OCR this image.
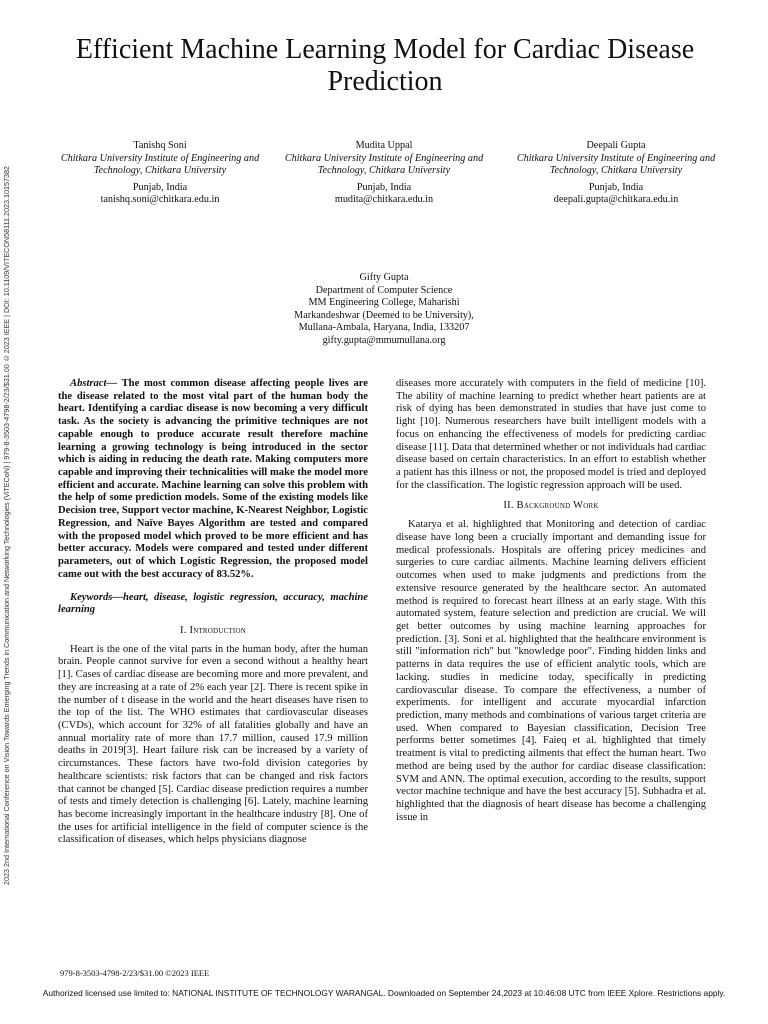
2023 2nd International Conference on Vision Towards Emerging Trends in Communication and Networking Technologies (ViTECoN) | 979-8-3503-4798-2/23/$31.00 ©2023 IEEE | DOI: 10.1109/VITECON58111.2023.10157382
Efficient Machine Learning Model for Cardiac Disease Prediction
Tanishq Soni
Chitkara University Institute of Engineering and Technology, Chitkara University
Punjab, India
tanishq.soni@chitkara.edu.in
Mudita Uppal
Chitkara University Institute of Engineering and Technology, Chitkara University
Punjab, India
mudita@chitkara.edu.in
Deepali Gupta
Chitkara University Institute of Engineering and Technology, Chitkara University
Punjab, India
deepali.gupta@chitkara.edu.in
Gifty Gupta
Department of Computer Science
MM Engineering College, Maharishi Markandeshwar (Deemed to be University), Mullana-Ambala, Haryana, India, 133207
gifty.gupta@mmumullana.org

Abstract— The most common disease affecting people lives are the disease related to the most vital part of the human body the heart. Identifying a cardiac disease is now becoming a very difficult task. As the society is advancing the primitive techniques are not capable enough to produce accurate result therefore machine learning a growing technology is being introduced in the sector which is aiding in reducing the death rate. Making computers more capable and improving their technicalities will make the model more efficient and accurate. Machine learning can solve this problem with the help of some prediction models. Some of the existing models like Decision tree, Support vector machine, K-Nearest Neighbor, Logistic Regression, and Naïve Bayes Algorithm are tested and compared with the proposed model which proved to be more efficient and has better accuracy. Models were compared and tested under different parameters, out of which Logistic Regression, the proposed model came out with the best accuracy of 83.52%.

Keywords—heart, disease, logistic regression, accuracy, machine learning

I. Introduction

Heart is the one of the vital parts in the human body, after the human brain. People cannot survive for even a second without a healthy heart [1]. Cases of cardiac disease are becoming more and more prevalent, and they are increasing at a rate of 2% each year [2]. There is recent spike in the number of t disease in the world and the heart diseases have risen to the top of the list. The WHO estimates that cardiovascular diseases (CVDs), which account for 32% of all fatalities globally and have an annual mortality rate of more than 17.7 million, caused 17.9 million deaths in 2019[3]. Heart failure risk can be increased by a variety of circumstances. These factors have two-fold division categories by healthcare scientists: risk factors that can be changed and risk factors that cannot be changed [5]. Cardiac disease prediction requires a number of tests and timely detection is challenging [6]. Lately, machine learning has become increasingly important in the healthcare industry [8]. One of the uses for artificial intelligence in the field of computer science is the classification of diseases, which helps physicians diagnose

diseases more accurately with computers in the field of medicine [10]. The ability of machine learning to predict whether heart patients are at risk of dying has been demonstrated in studies that have just come to light [10]. Numerous researchers have built intelligent models with a focus on enhancing the effectiveness of models for predicting cardiac disease [11]. Data that determined whether or not individuals had cardiac disease based on certain characteristics. In an effort to establish whether a patient has this illness or not, the proposed model is tried and deployed for the classification. The logistic regression approach will be used.

II. Background Work

Katarya et al. highlighted that Monitoring and detection of cardiac disease have long been a crucially important and demanding issue for medical professionals. Hospitals are offering pricey medicines and surgeries to cure cardiac ailments. Machine learning delivers efficient outcomes when used to make judgments and predictions from the extensive resource generated by the healthcare sector. An automated method is required to forecast heart illness at an early stage. With this automated system, feature selection and prediction are crucial. We will get better outcomes by using machine learning approaches for prediction. [3]. Soni et al. highlighted that the healthcare environment is still "information rich" but "knowledge poor". Finding hidden links and patterns in data requires the use of efficient analytic tools, which are lacking. studies in medicine today, specifically in predicting cardiovascular disease. To compare the effectiveness, a number of experiments. for intelligent and accurate myocardial infarction prediction, many methods and combinations of various target criteria are used. When compared to Bayesian classification, Decision Tree performs better sometimes [4]. Faieq et al. highlighted that timely treatment is vital to predicting ailments that effect the human heart. Two method are being used by the author for cardiac disease classification: SVM and ANN. The optimal execution, according to the results, support vector machine technique and have the best accuracy [5]. Subhadra et al. highlighted that the diagnosis of heart disease has become a challenging issue in

979-8-3503-4798-2/23/$31.00 ©2023 IEEE
Authorized licensed use limited to: NATIONAL INSTITUTE OF TECHNOLOGY WARANGAL. Downloaded on September 24,2023 at 10:46:08 UTC from IEEE Xplore. Restrictions apply.
